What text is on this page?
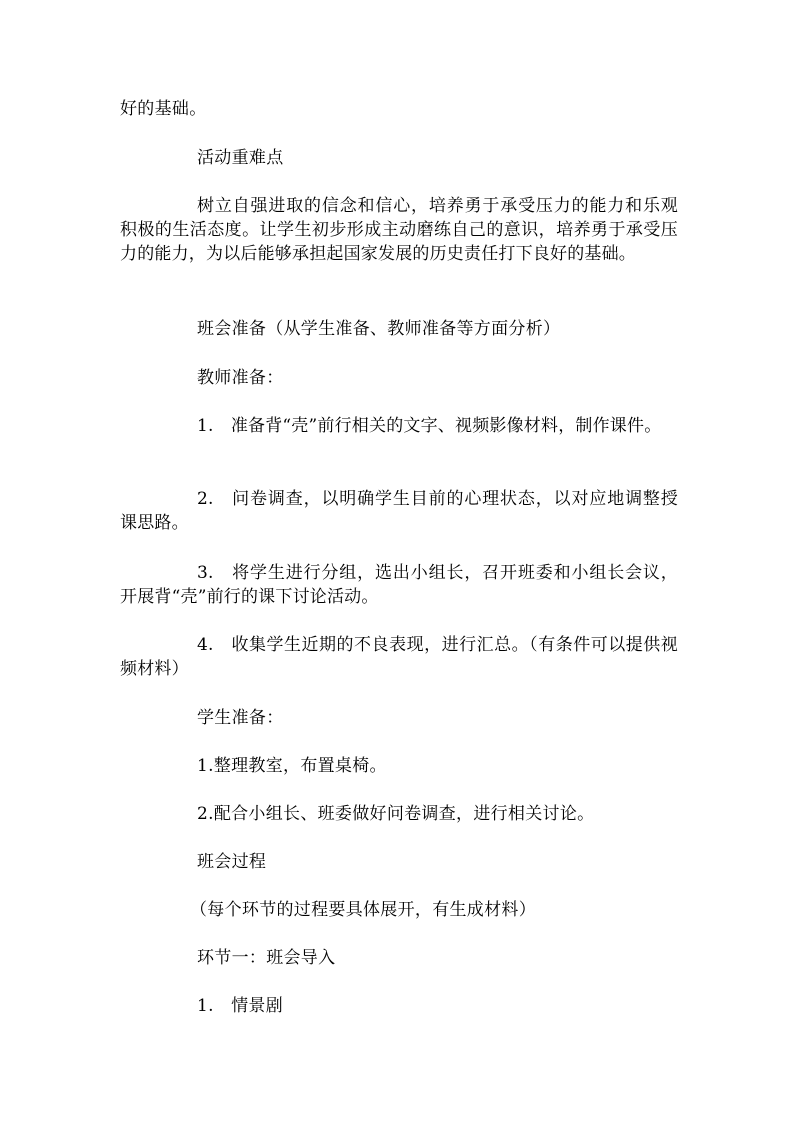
好的基础。
活动重难点
树立自强进取的信念和信心，培养勇于承受压力的能力和乐观积极的生活态度。让学生初步形成主动磨练自己的意识，培养勇于承受压力的能力，为以后能够承担起国家发展的历史责任打下良好的基础。
班会准备（从学生准备、教师准备等方面分析）
教师准备：
1.　准备背“壳”前行相关的文字、视频影像材料，制作课件。
2.　问卷调查，以明确学生目前的心理状态，以对应地调整授课思路。
3.　将学生进行分组，选出小组长，召开班委和小组长会议，开展背“壳”前行的课下讨论活动。
4.　收集学生近期的不良表现，进行汇总。（有条件可以提供视频材料）
学生准备：
1.整理教室，布置桌椅。
2.配合小组长、班委做好问卷调查，进行相关讨论。
班会过程
（每个环节的过程要具体展开，有生成材料）
环节一：班会导入
1.　情景剧
